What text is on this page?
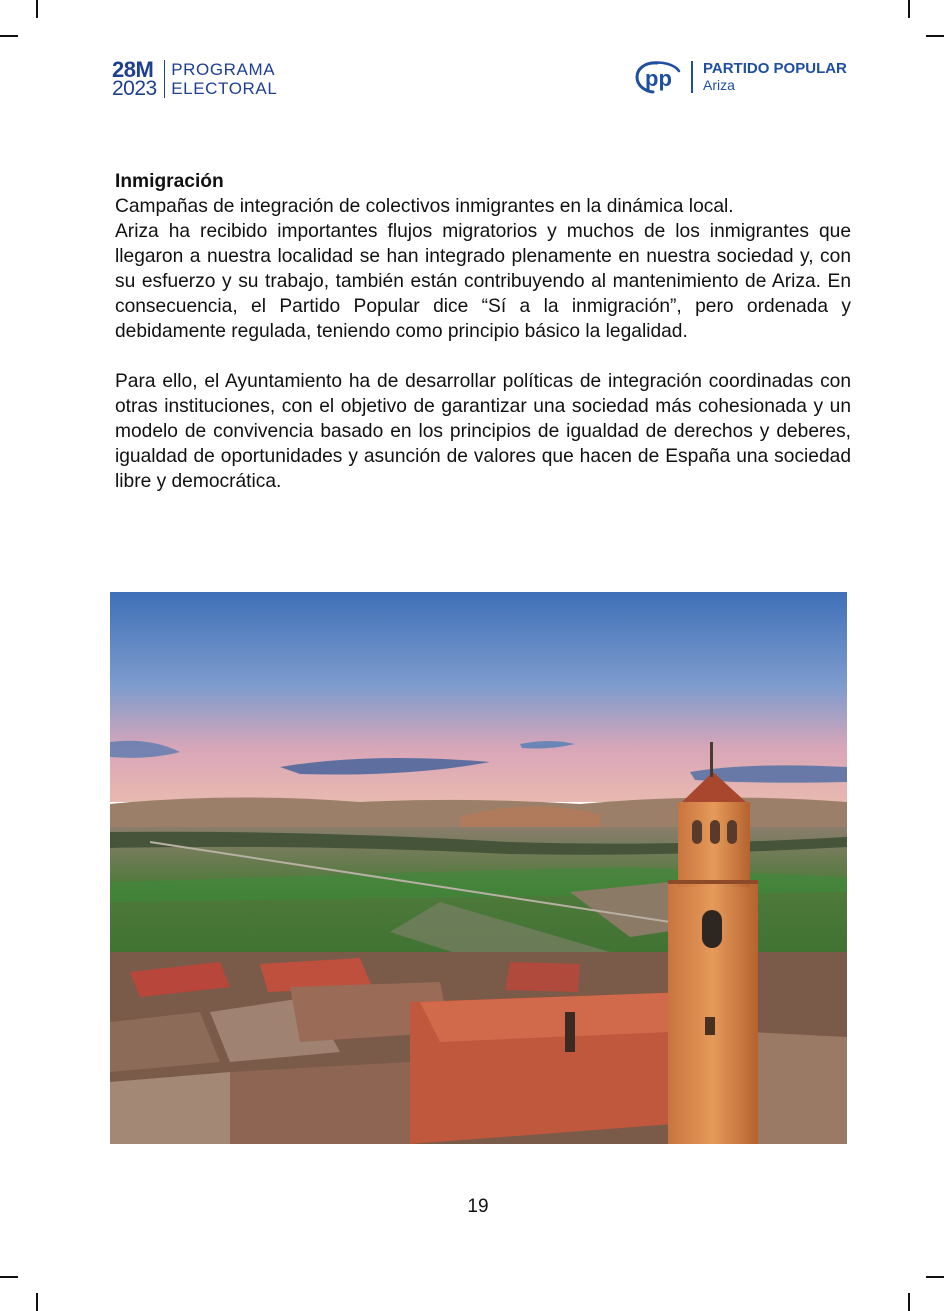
28M
2023
PROGRAMA
ELECTORAL	pp PARTIDO POPULAR
Ariza
Inmigración

Campañas de integración de colectivos inmigrantes en la dinámica local.

Ariza ha recibido importantes flujos migratorios y muchos de los inmigrantes que llegaron a nuestra localidad se han integrado plenamente en nuestra sociedad y, con su esfuerzo y su trabajo, también están contribuyendo al mantenimiento de Ariza. En consecuencia, el Partido Popular dice “Sí a la inmigración”, pero ordenada y debidamente regulada, teniendo como principio básico la legalidad.

Para ello, el Ayuntamiento ha de desarrollar políticas de integración coordinadas con otras instituciones, con el objetivo de garantizar una sociedad más cohesionada y un modelo de convivencia basado en los principios de igualdad de derechos y deberes, igualdad de oportunidades y asunción de valores que hacen de España una sociedad libre y democrática.

19
